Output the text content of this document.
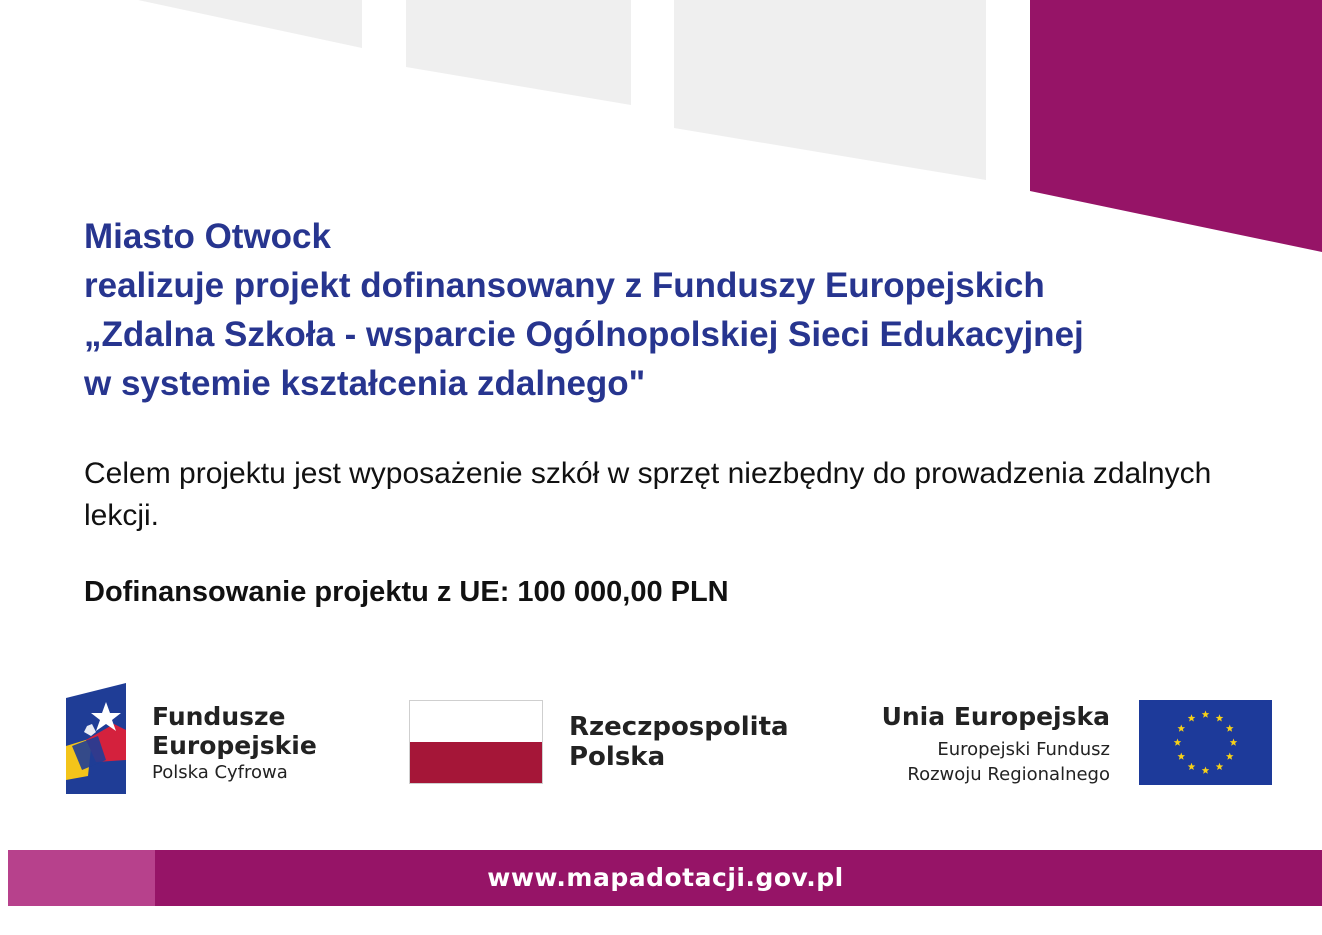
Miasto Otwock
realizuje projekt dofinansowany z Funduszy Europejskich
„Zdalna Szkoła - wsparcie Ogólnopolskiej Sieci Edukacyjnej
w systemie kształcenia zdalnego"
Celem projektu jest wyposażenie szkół w sprzęt niezbędny do prowadzenia zdalnych lekcji.
Dofinansowanie projektu z UE: 100 000,00 PLN
Fundusze
Europejskie
Polska Cyfrowa
Rzeczpospolita
Polska
Unia Europejska
Europejski Fundusz
Rozwoju Regionalnego
www.mapadotacji.gov.pl
